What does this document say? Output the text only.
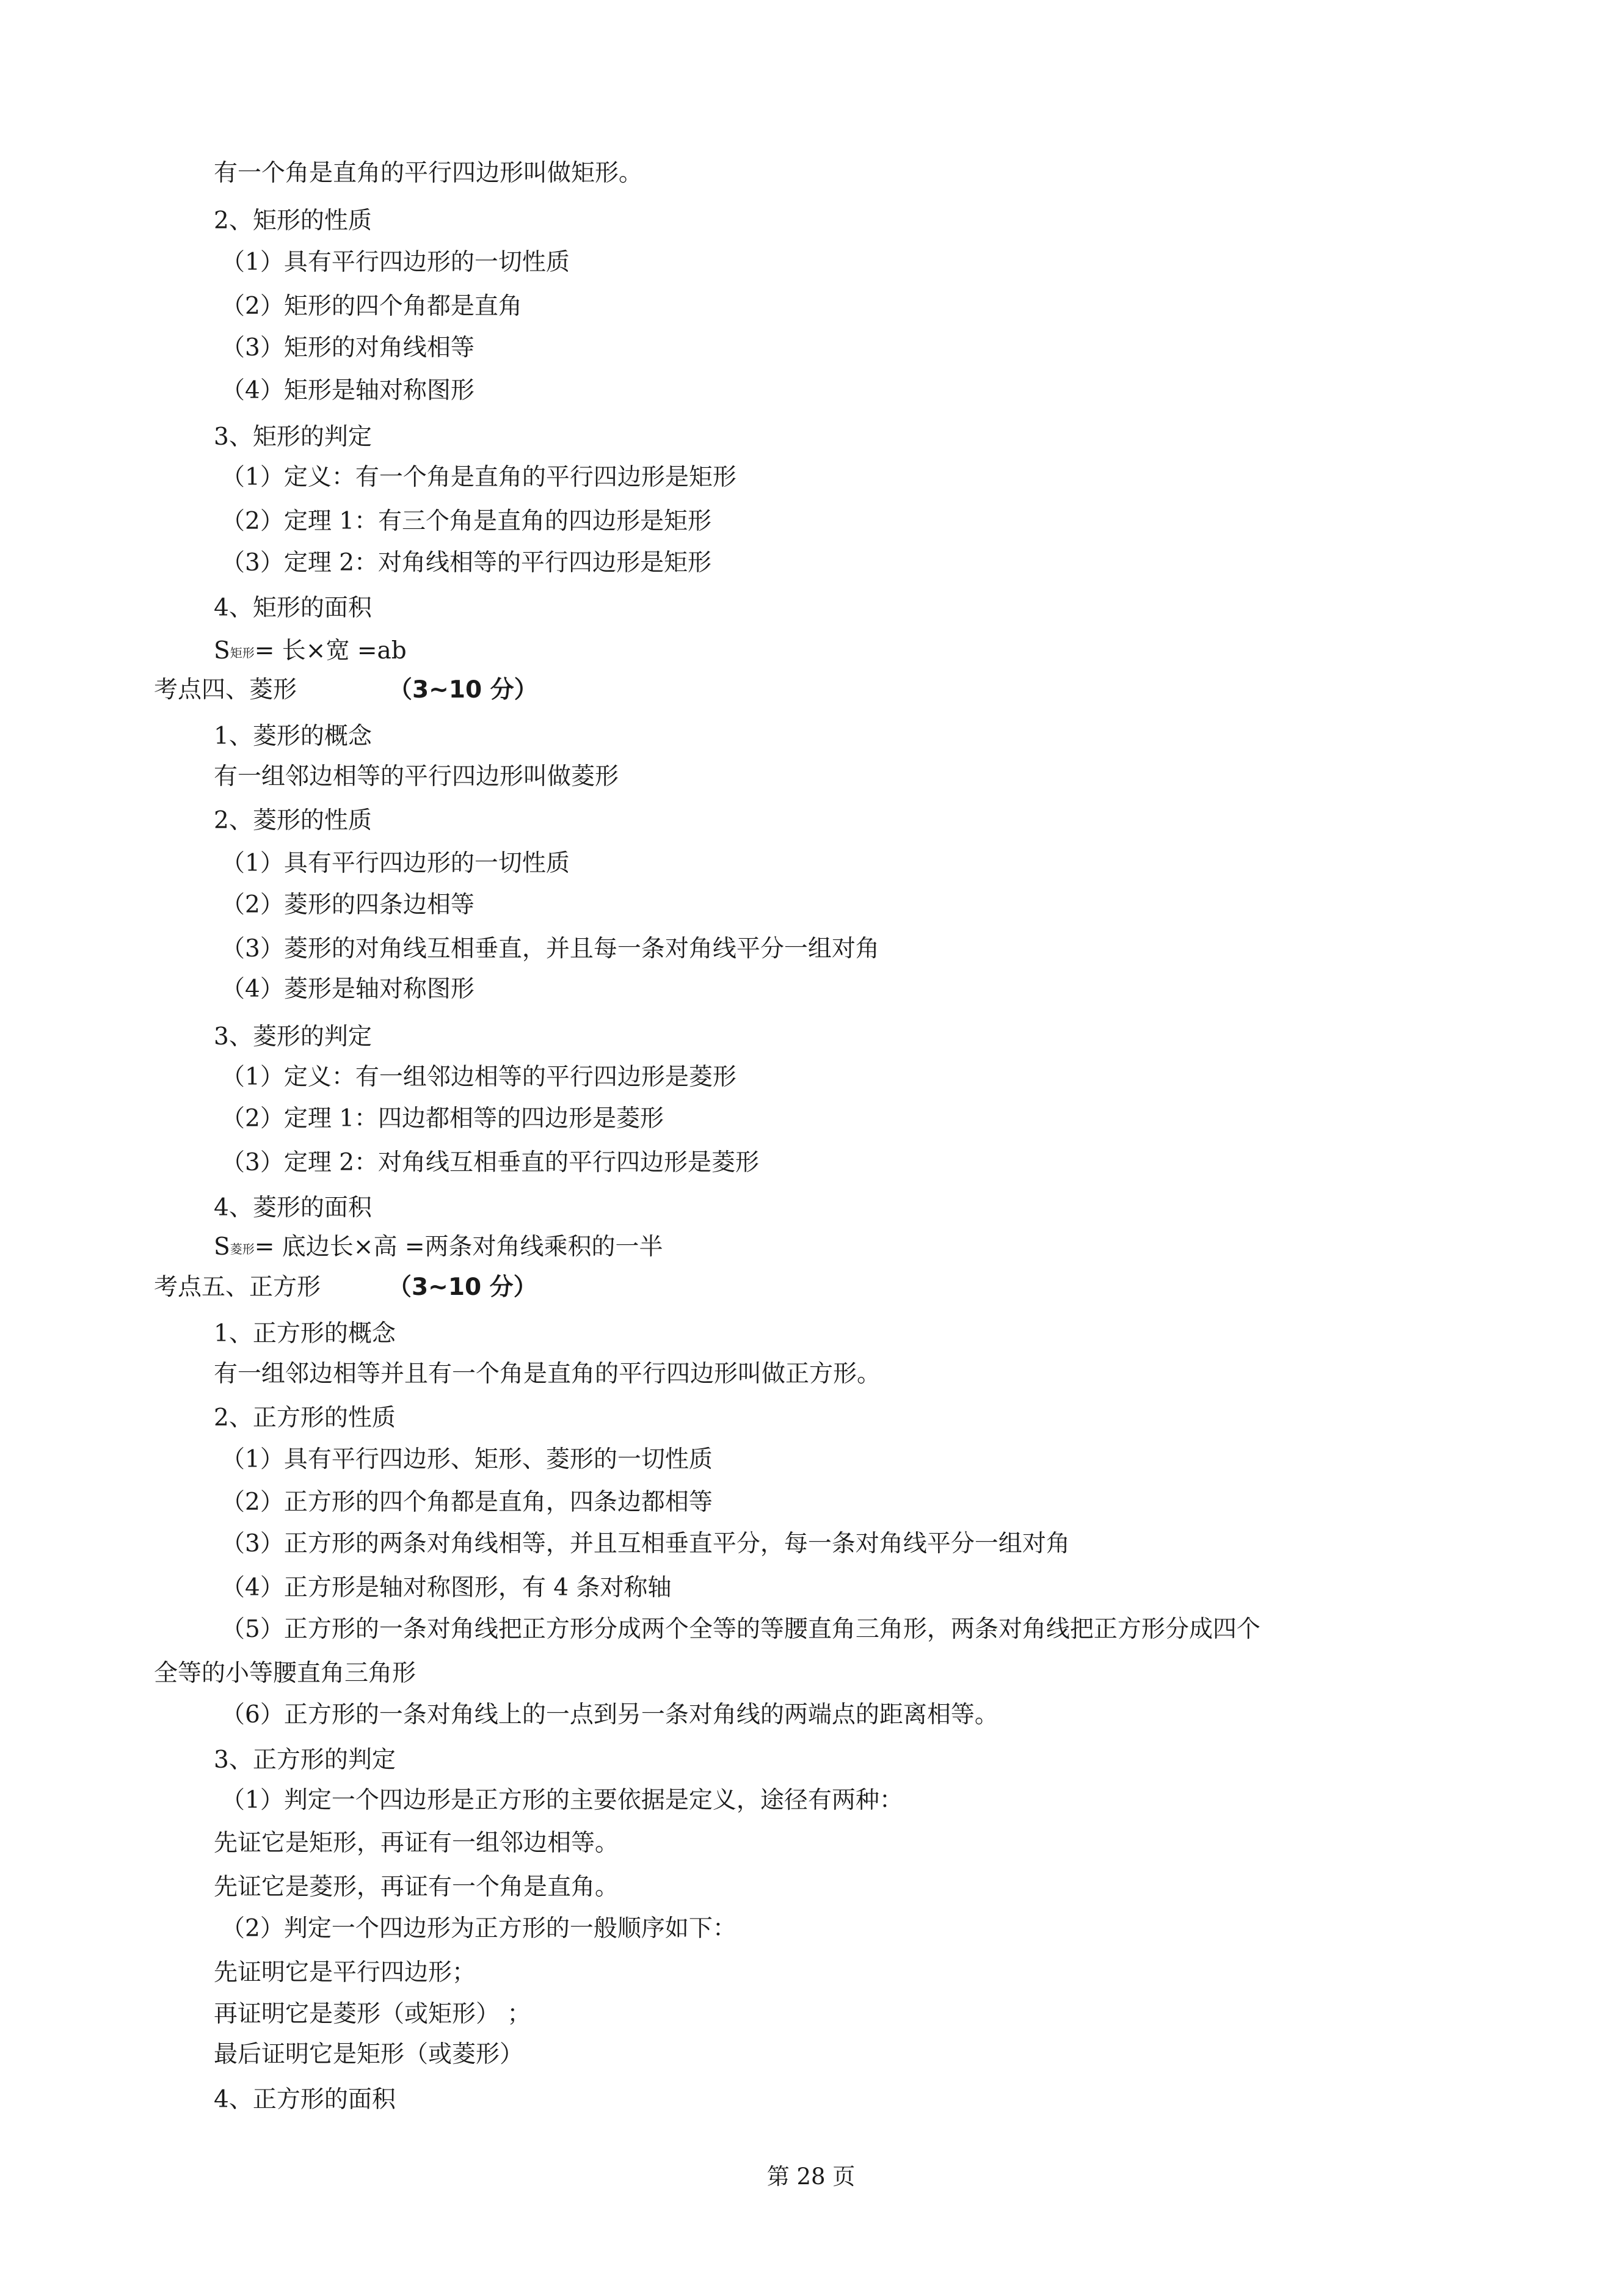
有一个角是直角的平行四边形叫做矩形。
2、矩形的性质
（1）具有平行四边形的一切性质
（2）矩形的四个角都是直角
（3）矩形的对角线相等
（4）矩形是轴对称图形
3、矩形的判定
（1）定义：有一个角是直角的平行四边形是矩形
（2）定理 1：有三个角是直角的四边形是矩形
（3）定理 2：对角线相等的平行四边形是矩形
4、矩形的面积
S矩形= 长×宽 =ab
考点四、菱形	（3~10 分）
1、菱形的概念
有一组邻边相等的平行四边形叫做菱形
2、菱形的性质
（1）具有平行四边形的一切性质
（2）菱形的四条边相等
（3）菱形的对角线互相垂直，并且每一条对角线平分一组对角
（4）菱形是轴对称图形
3、菱形的判定
（1）定义：有一组邻边相等的平行四边形是菱形
（2）定理 1：四边都相等的四边形是菱形
（3）定理 2：对角线互相垂直的平行四边形是菱形
4、菱形的面积
S菱形= 底边长×高 =两条对角线乘积的一半
考点五、正方形	（3~10 分）
1、正方形的概念
有一组邻边相等并且有一个角是直角的平行四边形叫做正方形。
2、正方形的性质
（1）具有平行四边形、矩形、菱形的一切性质
（2）正方形的四个角都是直角，四条边都相等
（3）正方形的两条对角线相等，并且互相垂直平分，每一条对角线平分一组对角
（4）正方形是轴对称图形，有 4 条对称轴
（5）正方形的一条对角线把正方形分成两个全等的等腰直角三角形，两条对角线把正方形分成四个
全等的小等腰直角三角形
（6）正方形的一条对角线上的一点到另一条对角线的两端点的距离相等。
3、正方形的判定
（1）判定一个四边形是正方形的主要依据是定义，途径有两种：
先证它是矩形，再证有一组邻边相等。
先证它是菱形，再证有一个角是直角。
（2）判定一个四边形为正方形的一般顺序如下：
先证明它是平行四边形；
再证明它是菱形（或矩形） ；
最后证明它是矩形（或菱形）
4、正方形的面积
第 28 页
